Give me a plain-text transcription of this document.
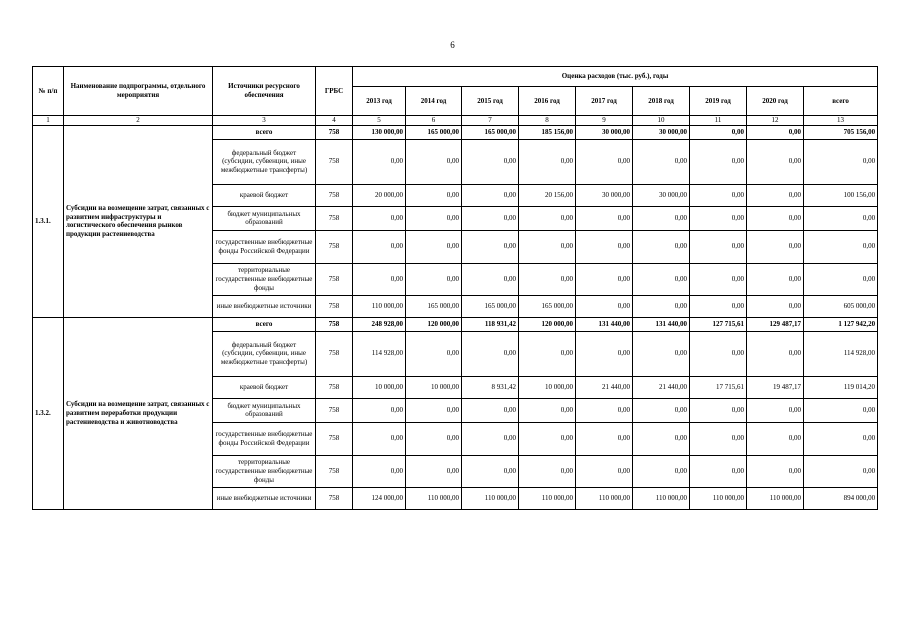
6
№ п/п	Наименование подпрограммы, отдельного мероприятия	Источники ресурсного обеспечения	ГРБС	Оценка расходов (тыс. руб.), годы								
				2013 год	2014 год	2015 год	2016 год	2017 год	2018 год	2019 год	2020 год	всего
1	2	3	4	5	6	7	8	9	10	11	12	13
1.3.1.	Субсидии на возмещение затрат, связанных с развитием инфраструктуры и логистического обеспечения рынков продукции растениеводства	всего	758	130 000,00	165 000,00	165 000,00	185 156,00	30 000,00	30 000,00	0,00	0,00	705 156,00
		федеральный бюджет (субсидии, субвенции, иные межбюджетные трансферты)	758	0,00	0,00	0,00	0,00	0,00	0,00	0,00	0,00	0,00
		краевой бюджет	758	20 000,00	0,00	0,00	20 156,00	30 000,00	30 000,00	0,00	0,00	100 156,00
		бюджет муниципальных образований	758	0,00	0,00	0,00	0,00	0,00	0,00	0,00	0,00	0,00
		государственные внебюджетные фонды Российской Федерации	758	0,00	0,00	0,00	0,00	0,00	0,00	0,00	0,00	0,00
		территориальные государственные внебюджетные фонды	758	0,00	0,00	0,00	0,00	0,00	0,00	0,00	0,00	0,00
		иные внебюджетные источники	758	110 000,00	165 000,00	165 000,00	165 000,00	0,00	0,00	0,00	0,00	605 000,00
1.3.2.	Субсидии на возмещение затрат, связанных с развитием переработки продукции растениеводства и животноводства	всего	758	248 928,00	120 000,00	118 931,42	120 000,00	131 440,00	131 440,00	127 715,61	129 487,17	1 127 942,20
		федеральный бюджет (субсидии, субвенции, иные межбюджетные трансферты)	758	114 928,00	0,00	0,00	0,00	0,00	0,00	0,00	0,00	114 928,00
		краевой бюджет	758	10 000,00	10 000,00	8 931,42	10 000,00	21 440,00	21 440,00	17 715,61	19 487,17	119 014,20
		бюджет муниципальных образований	758	0,00	0,00	0,00	0,00	0,00	0,00	0,00	0,00	0,00
		государственные внебюджетные фонды Российской Федерации	758	0,00	0,00	0,00	0,00	0,00	0,00	0,00	0,00	0,00
		территориальные государственные внебюджетные фонды	758	0,00	0,00	0,00	0,00	0,00	0,00	0,00	0,00	0,00
		иные внебюджетные источники	758	124 000,00	110 000,00	110 000,00	110 000,00	110 000,00	110 000,00	110 000,00	110 000,00	894 000,00
